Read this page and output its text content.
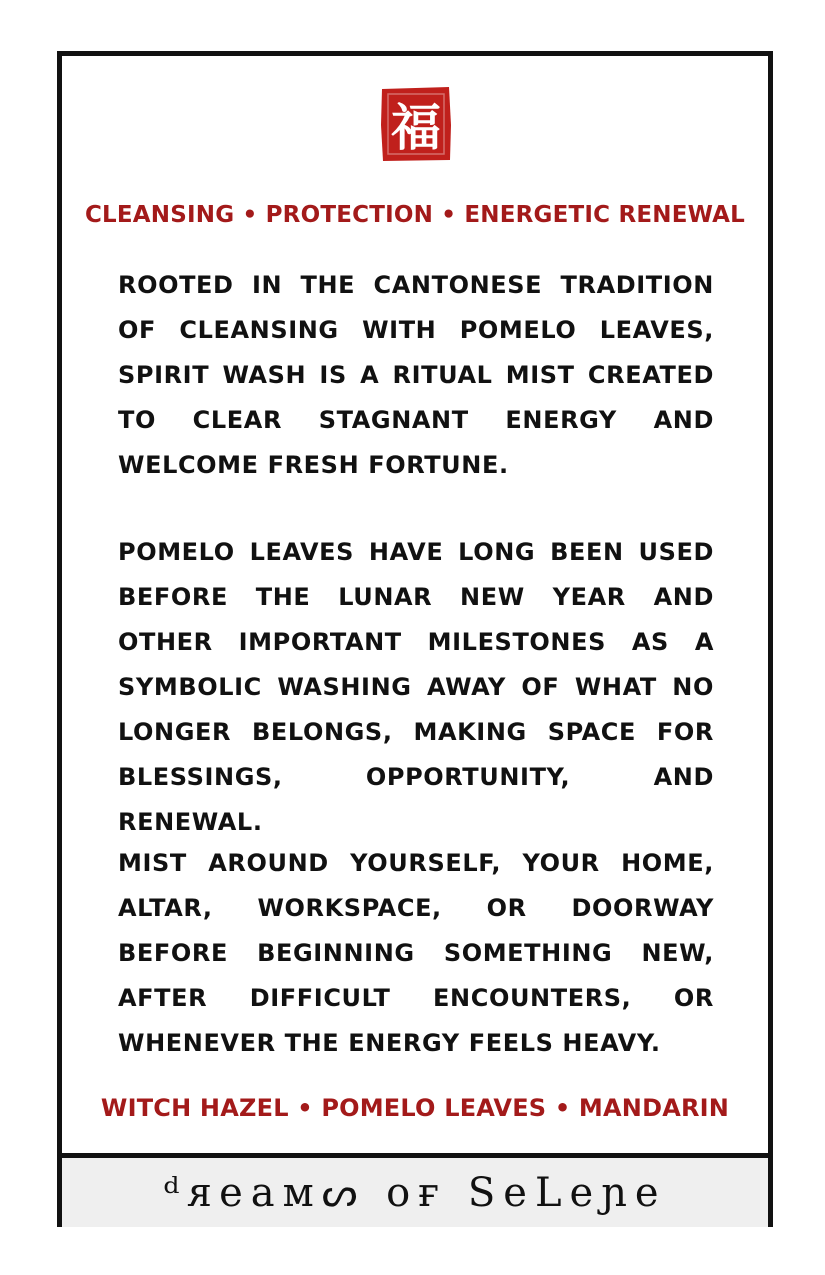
福
CLEANSING • PROTECTION • ENERGETIC RENEWAL

ROOTED IN THE CANTONESE TRADITION OF CLEANSING WITH POMELO LEAVES, SPIRIT WASH IS A RITUAL MIST CREATED TO CLEAR STAGNANT ENERGY AND WELCOME FRESH FORTUNE.

POMELO LEAVES HAVE LONG BEEN USED BEFORE THE LUNAR NEW YEAR AND OTHER IMPORTANT MILESTONES AS A SYMBOLIC WASHING AWAY OF WHAT NO LONGER BELONGS, MAKING SPACE FOR BLESSINGS, OPPORTUNITY, AND RENEWAL.

MIST AROUND YOURSELF, YOUR HOME, ALTAR, WORKSPACE, OR DOORWAY BEFORE BEGINNING SOMETHING NEW, AFTER DIFFICULT ENCOUNTERS, OR WHENEVER THE ENERGY FEELS HEAVY.

WITCH HAZEL • POMELO LEAVES • MANDARIN
ᵈᴙeaᴍᔕ ᴏғ SeLeɲe
